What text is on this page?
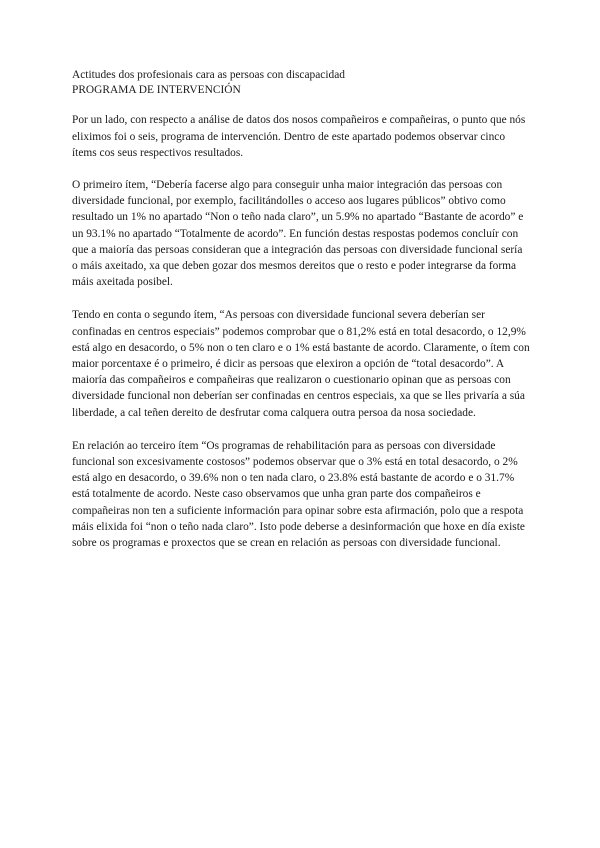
Actitudes dos profesionais cara as persoas con discapacidad
PROGRAMA DE INTERVENCIÓN

Por un lado, con respecto a análise de datos dos nosos compañeiros e compañeiras, o punto que nós eliximos foi o seis, programa de intervención. Dentro de este apartado podemos observar cinco ítems cos seus respectivos resultados.

O primeiro ítem, “Debería facerse algo para conseguir unha maior integración das persoas con diversidade funcional, por exemplo, facilitándolles o acceso aos lugares públicos” obtivo como resultado un 1% no apartado “Non o teño nada claro”, un 5.9% no apartado “Bastante de acordo” e un 93.1% no apartado “Totalmente de acordo”. En función destas respostas podemos concluír con que a maioría das persoas consideran que a integración das persoas con diversidade funcional sería o máis axeitado, xa que deben gozar dos mesmos dereitos que o resto e poder integrarse da forma máis axeitada posibel.

Tendo en conta o segundo ítem, “As persoas con diversidade funcional severa deberían ser confinadas en centros especiais” podemos comprobar que o 81,2% está en total desacordo, o 12,9% está algo en desacordo, o 5% non o ten claro e o 1% está bastante de acordo. Claramente, o ítem con maior porcentaxe é o primeiro, é dicir as persoas que elexiron a opción de “total desacordo”. A maioría das compañeiros e compañeiras que realizaron o cuestionario opinan que as persoas con diversidade funcional non deberían ser confinadas en centros especiais, xa que se lles privaría a súa liberdade, a cal teñen dereito de desfrutar coma calquera outra persoa da nosa sociedade.

En relación ao terceiro ítem “Os programas de rehabilitación para as persoas con diversidade funcional son excesivamente costosos” podemos observar que o 3% está en total desacordo, o 2% está algo en desacordo, o 39.6% non o ten nada claro, o 23.8% está bastante de acordo e o 31.7% está totalmente de acordo. Neste caso observamos que unha gran parte dos compañeiros e compañeiras non ten a suficiente información para opinar sobre esta afirmación, polo que a respota máis elixida foi “non o teño nada claro”. Isto pode deberse a desinformación que hoxe en día existe sobre os programas e proxectos que se crean en relación as persoas con diversidade funcional.
